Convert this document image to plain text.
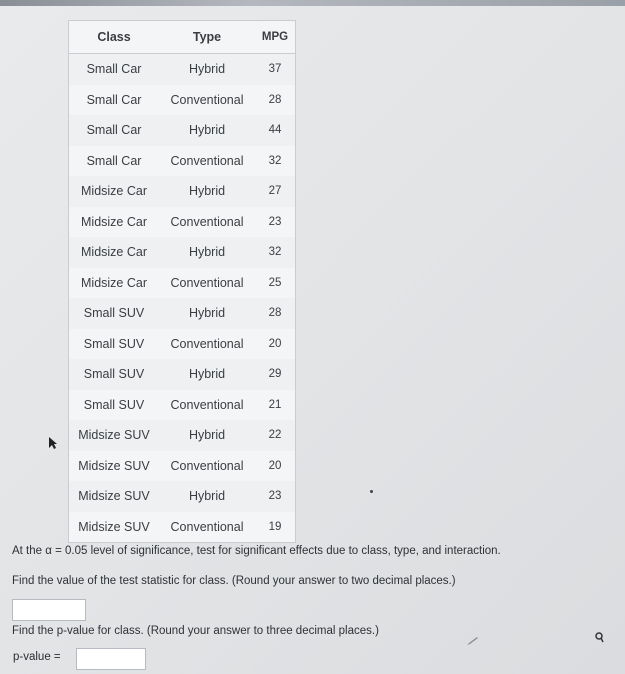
Class	Type	MPG
Small Car	Hybrid	37
Small Car	Conventional	28
Small Car	Hybrid	44
Small Car	Conventional	32
Midsize Car	Hybrid	27
Midsize Car	Conventional	23
Midsize Car	Hybrid	32
Midsize Car	Conventional	25
Small SUV	Hybrid	28
Small SUV	Conventional	20
Small SUV	Hybrid	29
Small SUV	Conventional	21
Midsize SUV	Hybrid	22
Midsize SUV	Conventional	20
Midsize SUV	Hybrid	23
Midsize SUV	Conventional	19
At the α = 0.05 level of significance, test for significant effects due to class, type, and interaction.
Find the value of the test statistic for class. (Round your answer to two decimal places.)
Find the p-value for class. (Round your answer to three decimal places.)
p-value =
